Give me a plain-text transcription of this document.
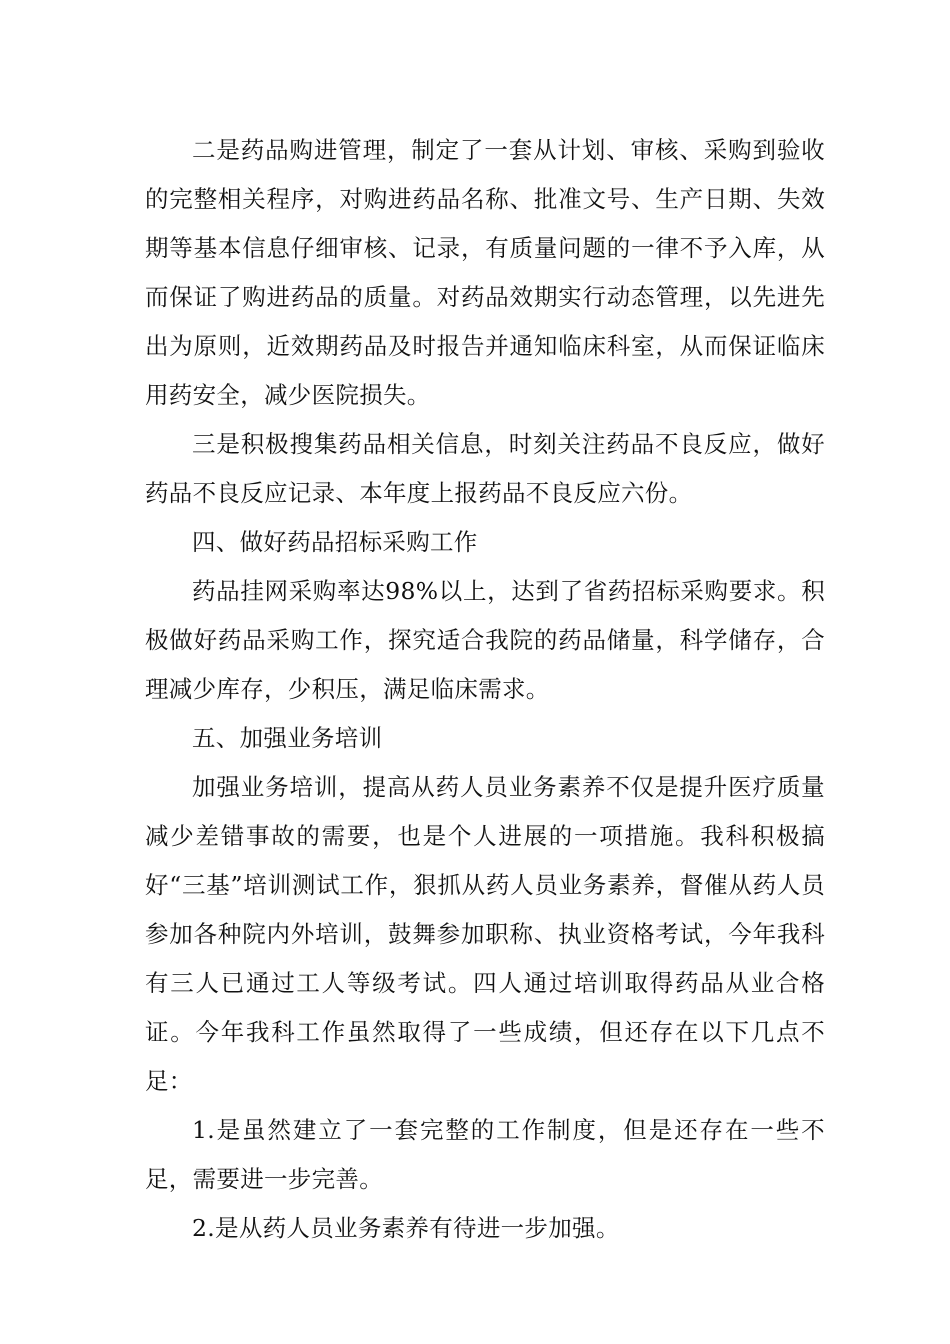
二是药品购进管理，制定了一套从计划、审核、采购到验收的完整相关程序，对购进药品名称、批准文号、生产日期、失效期等基本信息仔细审核、记录，有质量问题的一律不予入库，从而保证了购进药品的质量。对药品效期实行动态管理，以先进先出为原则，近效期药品及时报告并通知临床科室，从而保证临床用药安全，减少医院损失。

三是积极搜集药品相关信息，时刻关注药品不良反应，做好药品不良反应记录、本年度上报药品不良反应六份。

四、做好药品招标采购工作

药品挂网采购率达98%以上，达到了省药招标采购要求。积极做好药品采购工作，探究适合我院的药品储量，科学储存，合理减少库存，少积压，满足临床需求。

五、加强业务培训

加强业务培训，提高从药人员业务素养不仅是提升医疗质量减少差错事故的需要，也是个人进展的一项措施。我科积极搞好“三基”培训测试工作，狠抓从药人员业务素养，督催从药人员参加各种院内外培训，鼓舞参加职称、执业资格考试，今年我科有三人已通过工人等级考试。四人通过培训取得药品从业合格证。今年我科工作虽然取得了一些成绩，但还存在以下几点不足：

1.是虽然建立了一套完整的工作制度，但是还存在一些不足，需要进一步完善。

2.是从药人员业务素养有待进一步加强。
